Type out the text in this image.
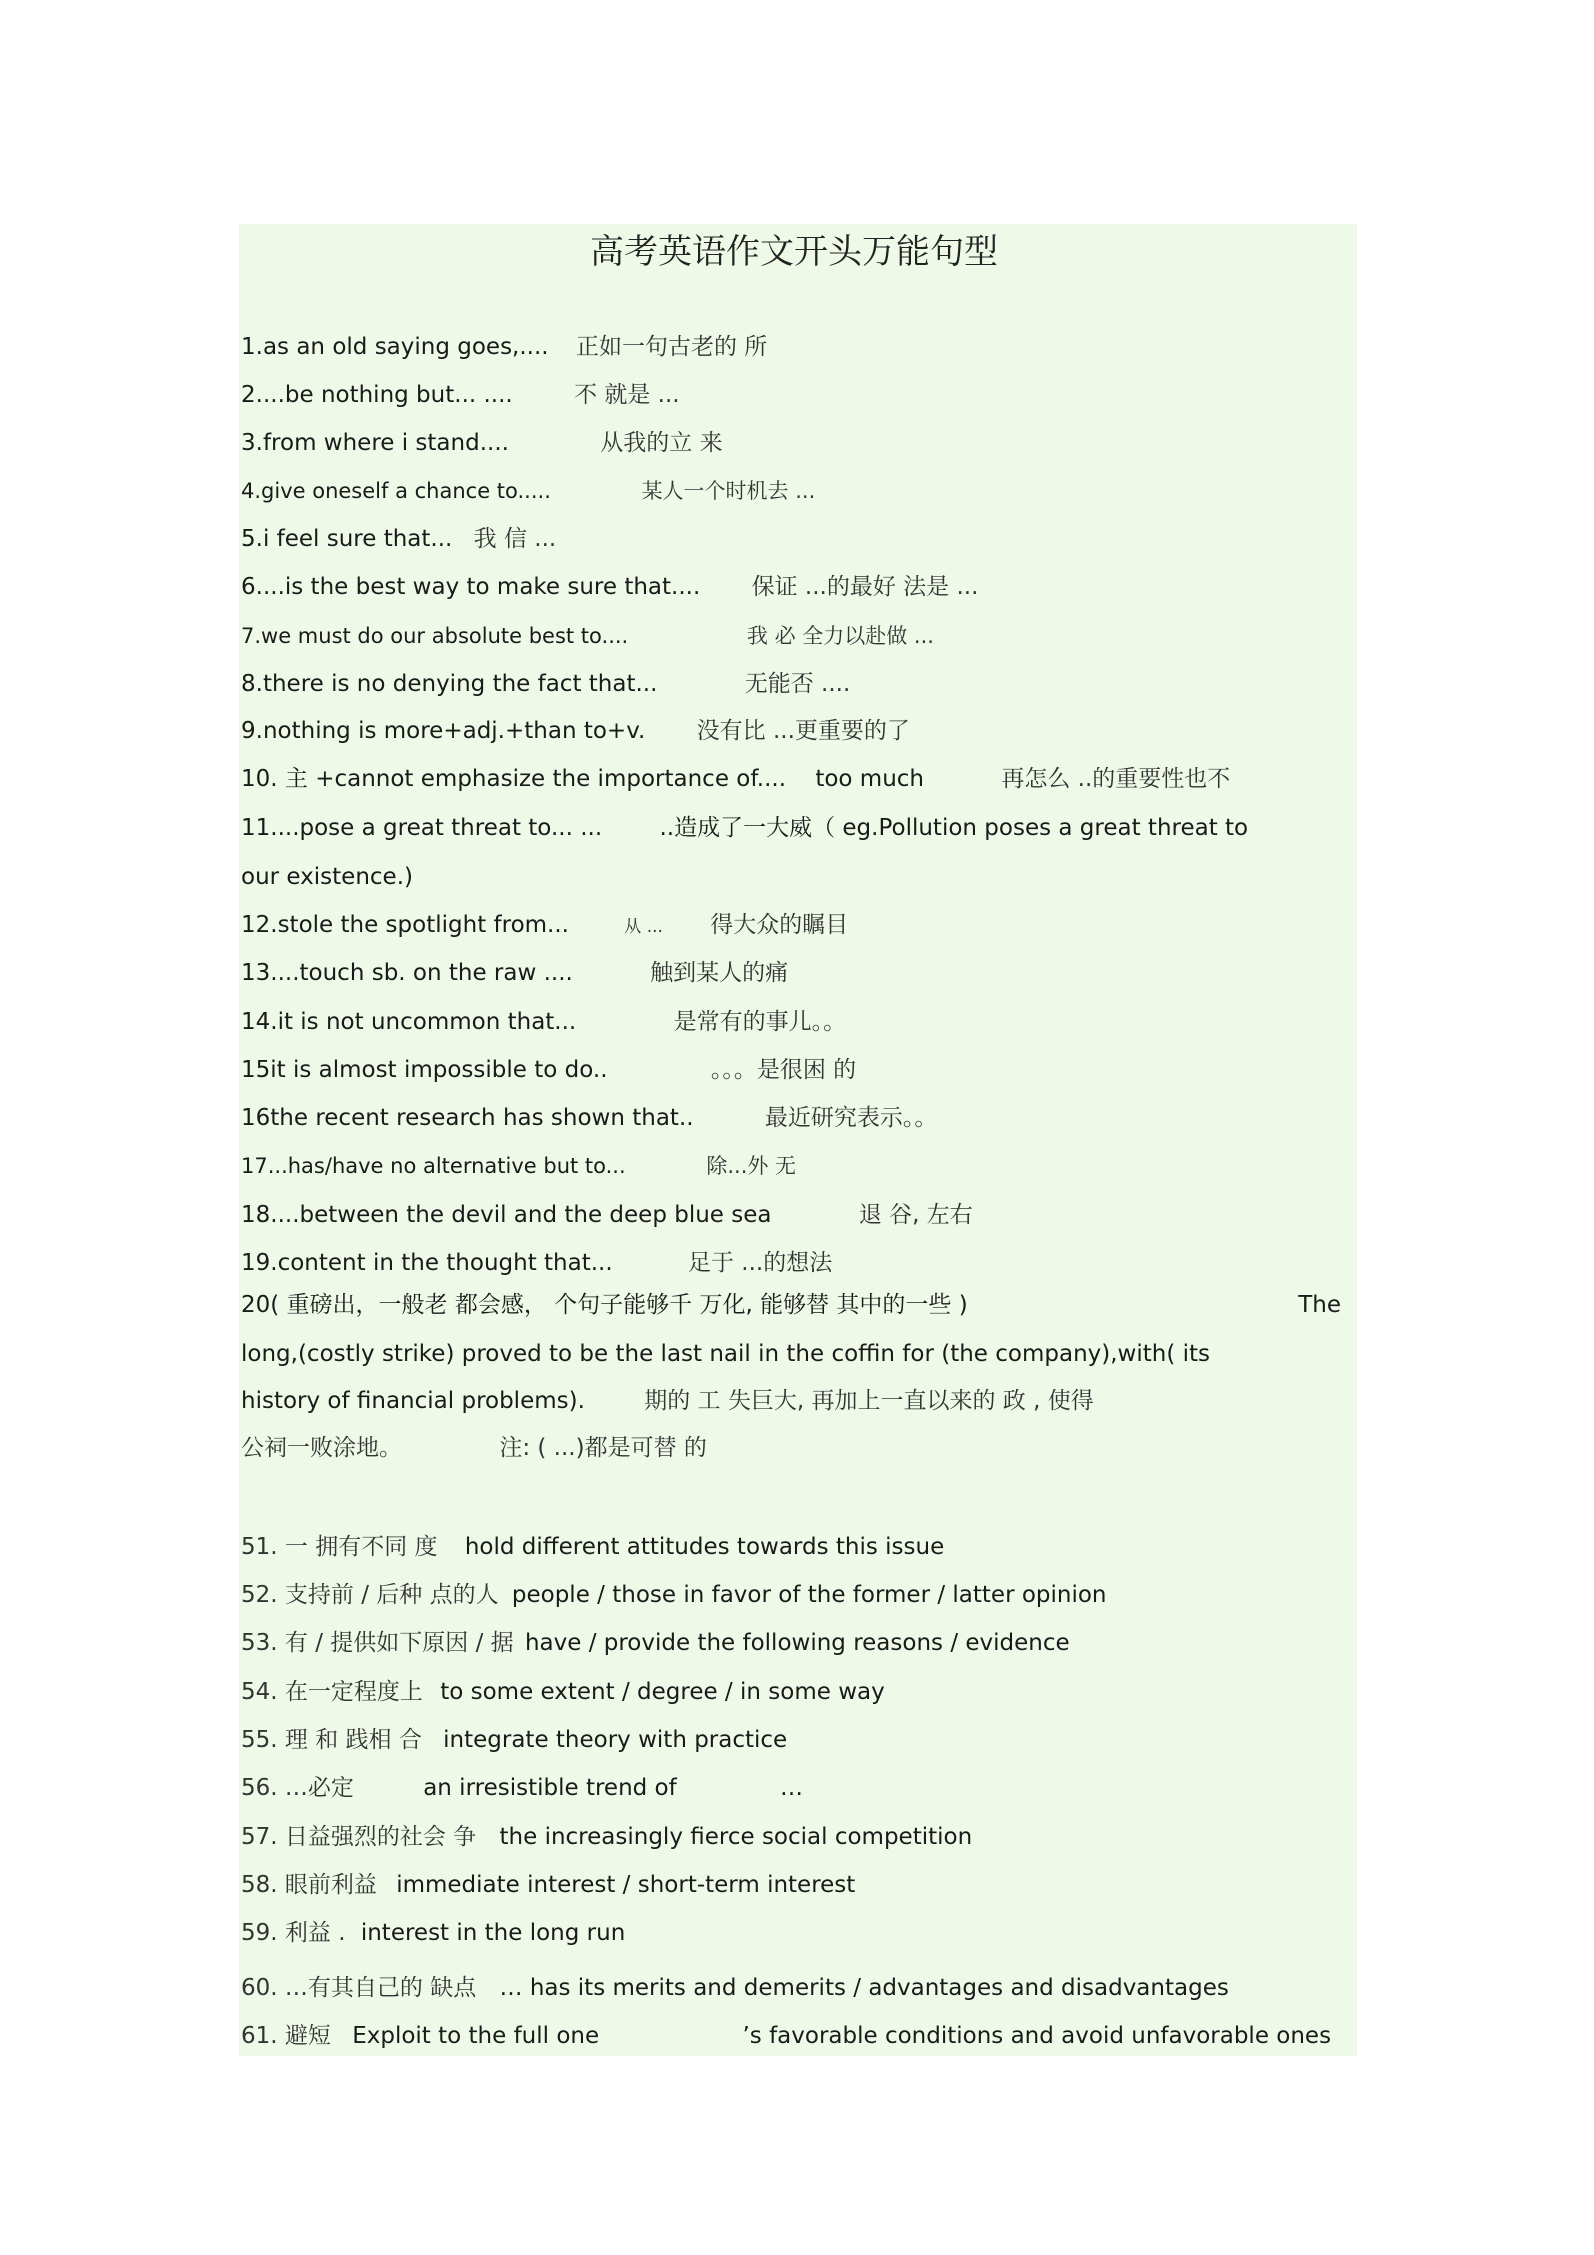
高考英语作文开头万能句型
1.as an old saying goes,.... 正如一句古老的 所
2....be nothing but... ....	不 就是 ...
3.from where i stand....	从我的立 来
4.give oneself a chance to.....	某人一个时机去 ...
5.i feel sure that... 我 信 ...
6....is the best way to make sure that.... 保证 ...的最好 法是 ...
7.we must do our absolute best to....	我 必 全力以赴做 ...
8.there is no denying the fact that...	无能否 ....
9.nothing is more+adj.+than to+v. 没有比 ...更重要的了
10. 主 +cannot emphasize the importance of.... too much	再怎么 ..的重要性也不
11....pose a great threat to... ... ..造成了一大威（ eg.Pollution poses a great threat to
our existence.)
12.stole the spotlight from...	从 ... 得大众的瞩目
13....touch sb. on the raw ....	触到某人的痛
14.it is not uncommon that...	是常有的事儿。。
15it is almost impossible to do..	。。。是很困 的
16the recent research has shown that..	最近研究表示。。
17...has/have no alternative but to...	除...外 无
18....between the devil and the deep blue sea	退 谷, 左右
19.content in the thought that...	足于 ...的想法
20( 重磅出，一般老 都会感， 个句子能够千 万化, 能够替 其中的一些 )	The
long,(costly strike) proved to be the last nail in the coffin for (the company),with( its
history of financial problems).	期的 工 失巨大, 再加上一直以来的 政 , 使得
公祠一败涂地。	注: ( ...)都是可替 的
51. 一 拥有不同 度 hold different attitudes towards this issue
52. 支持前 / 后种 点的人 people / those in favor of the former / latter opinion
53. 有 / 提供如下原因 / 据 have / provide the following reasons / evidence
54. 在一定程度上 to some extent / degree / in some way
55. 理 和 践相 合 integrate theory with practice
56. …必定	an irresistible trend of	…
57. 日益强烈的社会 争 the increasingly fierce social competition
58. 眼前利益 immediate interest / short-term interest
59. 利益 . interest in the long run
60. …有其自己的 缺点 … has its merits and demerits / advantages and disadvantages
61. 避短 Exploit to the full one	’s favorable conditions and avoid unfavorable ones
